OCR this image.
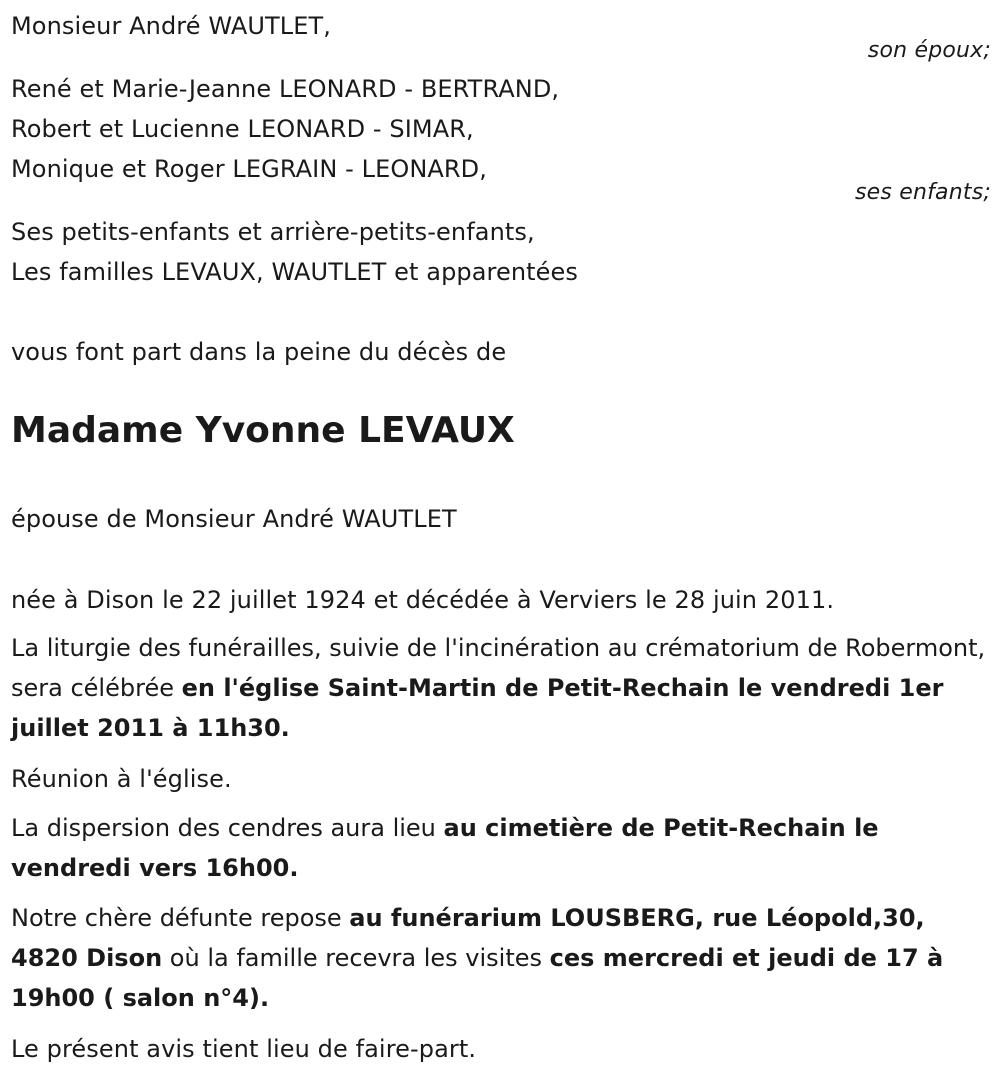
Monsieur André WAUTLET,
son époux;
René et Marie-Jeanne LEONARD - BERTRAND,
Robert et Lucienne LEONARD - SIMAR,
Monique et Roger LEGRAIN - LEONARD,
ses enfants;
Ses petits-enfants et arrière-petits-enfants,
Les familles LEVAUX, WAUTLET et apparentées
vous font part dans la peine du décès de
Madame Yvonne LEVAUX
épouse de Monsieur André WAUTLET
née à Dison le 22 juillet 1924 et décédée à Verviers le 28 juin 2011.
La liturgie des funérailles, suivie de l'incinération au crématorium de Robermont, sera célébrée en l'église Saint-Martin de Petit-Rechain le vendredi 1er juillet 2011 à 11h30.
Réunion à l'église.
La dispersion des cendres aura lieu au cimetière de Petit-Rechain le vendredi vers 16h00.
Notre chère défunte repose au funérarium LOUSBERG, rue Léopold,30, 4820 Dison où la famille recevra les visites ces mercredi et jeudi de 17 à 19h00 ( salon n°4).
Le présent avis tient lieu de faire-part.
